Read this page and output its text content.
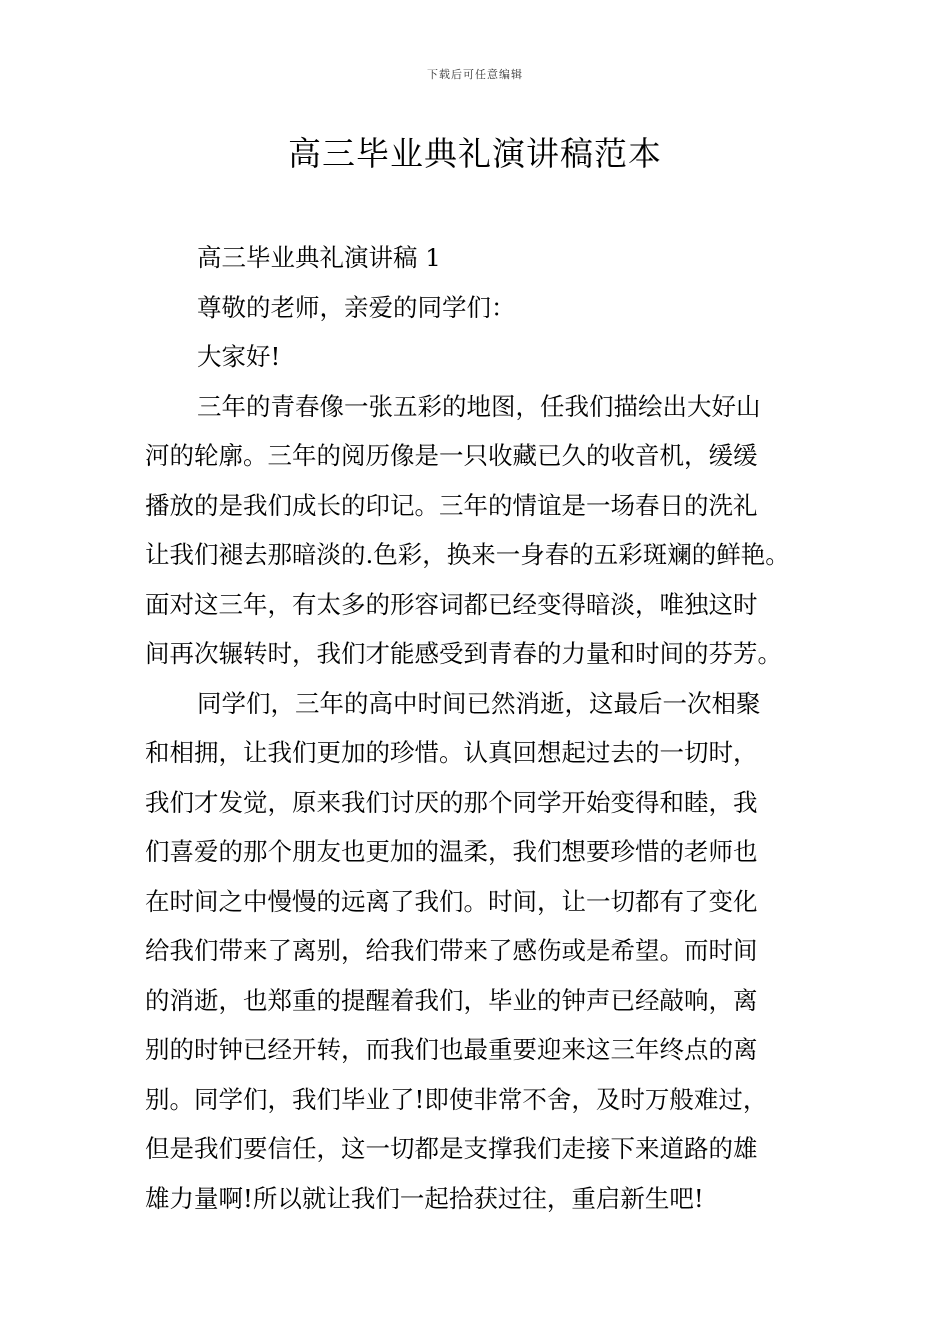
下载后可任意编辑
高三毕业典礼演讲稿范本
高三毕业典礼演讲稿 1
尊敬的老师，亲爱的同学们：
大家好!
三年的青春像一张五彩的地图，任我们描绘出大好山
河的轮廓。三年的阅历像是一只收藏已久的收音机，缓缓
播放的是我们成长的印记。三年的情谊是一场春日的洗礼
让我们褪去那暗淡的.色彩，换来一身春的五彩斑斓的鲜艳。
面对这三年，有太多的形容词都已经变得暗淡，唯独这时
间再次辗转时，我们才能感受到青春的力量和时间的芬芳。
同学们，三年的高中时间已然消逝，这最后一次相聚
和相拥，让我们更加的珍惜。认真回想起过去的一切时，
我们才发觉，原来我们讨厌的那个同学开始变得和睦，我
们喜爱的那个朋友也更加的温柔，我们想要珍惜的老师也
在时间之中慢慢的远离了我们。时间，让一切都有了变化
给我们带来了离别，给我们带来了感伤或是希望。而时间
的消逝，也郑重的提醒着我们，毕业的钟声已经敲响，离
别的时钟已经开转，而我们也最重要迎来这三年终点的离
别。同学们，我们毕业了!即使非常不舍，及时万般难过，
但是我们要信任，这一切都是支撑我们走接下来道路的雄
雄力量啊!所以就让我们一起拾获过往，重启新生吧!
